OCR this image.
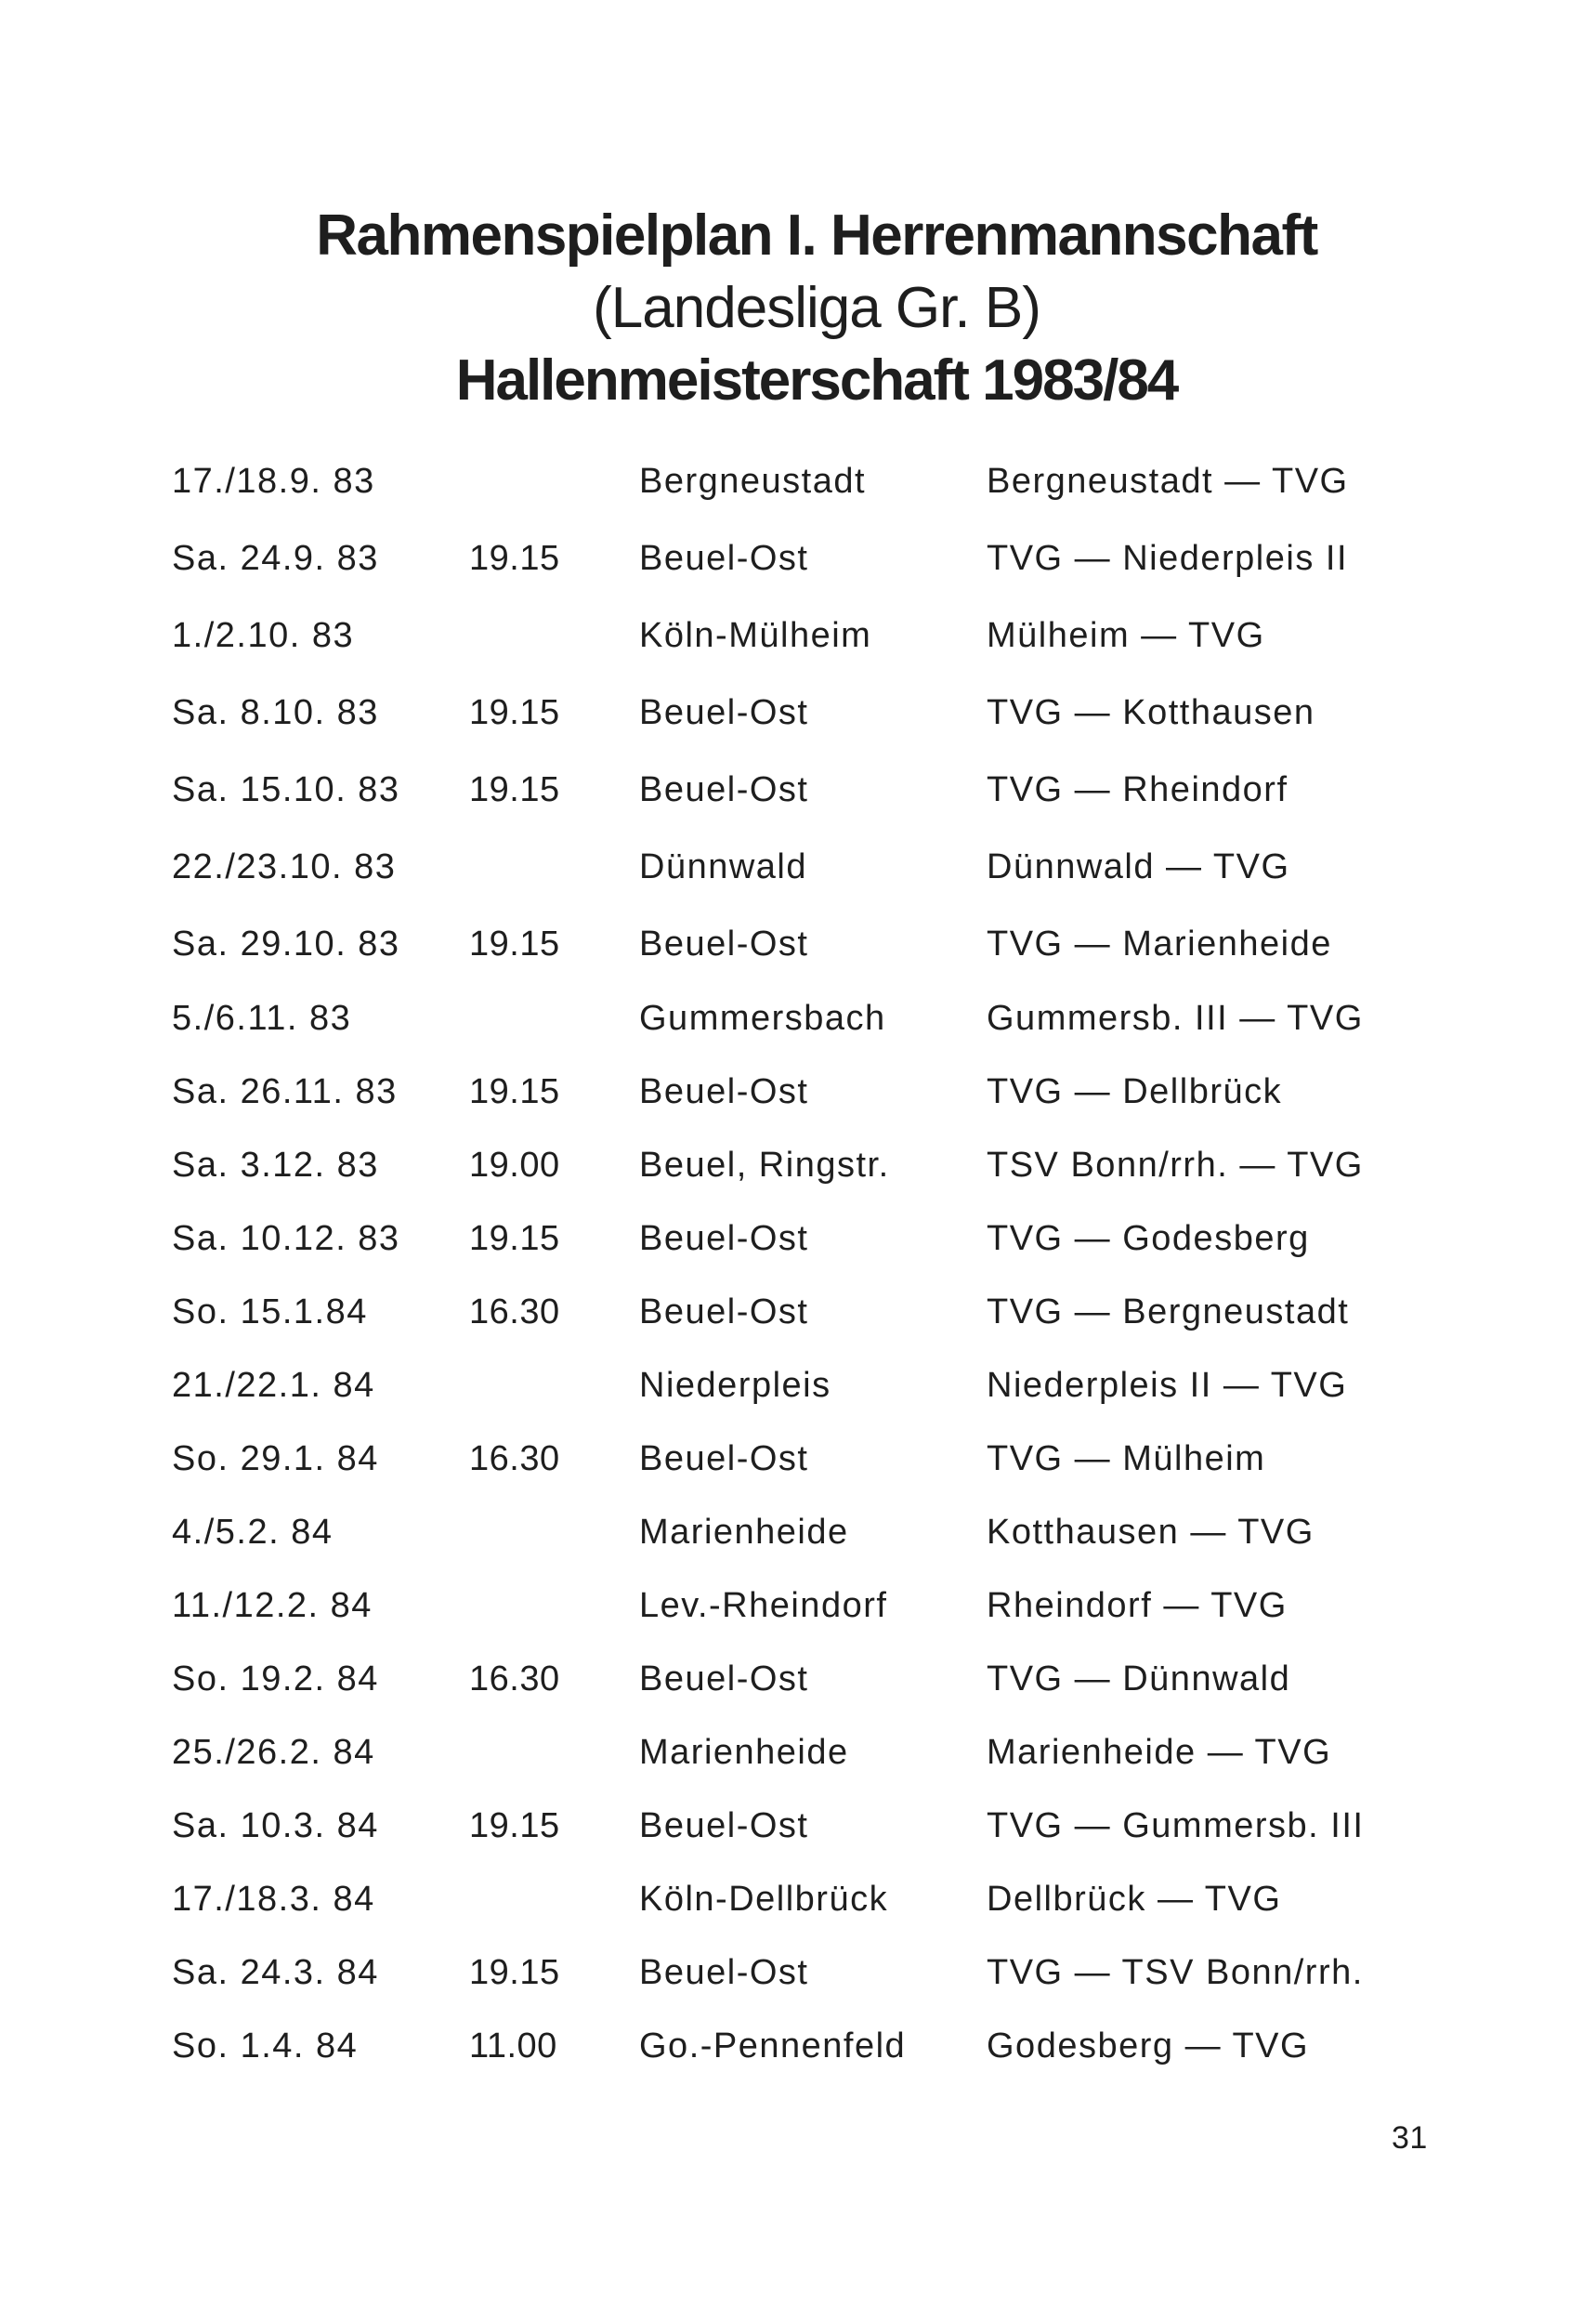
Rahmenspielplan I. Herrenmannschaft
(Landesliga Gr. B)
Hallenmeisterschaft 1983/84
17./18.9. 83	Bergneustadt	Bergneustadt — TVG
Sa. 24.9. 83	19.15 Beuel-Ost	TVG — Niederpleis II
1./2.10. 83	Köln-Mülheim	Mülheim — TVG
Sa. 8.10. 83	19.15 Beuel-Ost	TVG — Kotthausen
Sa. 15.10. 83 19.15 Beuel-Ost	TVG — Rheindorf
22./23.10. 83	Dünnwald	Dünnwald — TVG
Sa. 29.10. 83 19.15 Beuel-Ost	TVG — Marienheide
5./6.11. 83	Gummersbach	Gummersb. III — TVG
Sa. 26.11. 83 19.15 Beuel-Ost	TVG — Dellbrück
Sa. 3.12. 83	19.00 Beuel, Ringstr.	TSV Bonn/rrh. — TVG
Sa. 10.12. 83 19.15 Beuel-Ost	TVG — Godesberg
So. 15.1.84	16.30 Beuel-Ost	TVG — Bergneustadt
21./22.1. 84	Niederpleis	Niederpleis II — TVG
So. 29.1. 84	16.30 Beuel-Ost	TVG — Mülheim
4./5.2. 84	Marienheide	Kotthausen — TVG
11./12.2. 84	Lev.-Rheindorf	Rheindorf — TVG
So. 19.2. 84	16.30 Beuel-Ost	TVG — Dünnwald
25./26.2. 84	Marienheide	Marienheide — TVG
Sa. 10.3. 84	19.15 Beuel-Ost	TVG — Gummersb. III
17./18.3. 84	Köln-Dellbrück	Dellbrück — TVG
Sa. 24.3. 84	19.15 Beuel-Ost	TVG — TSV Bonn/rrh.
So. 1.4. 84	11.00 Go.-Pennenfeld Godesberg — TVG
31
